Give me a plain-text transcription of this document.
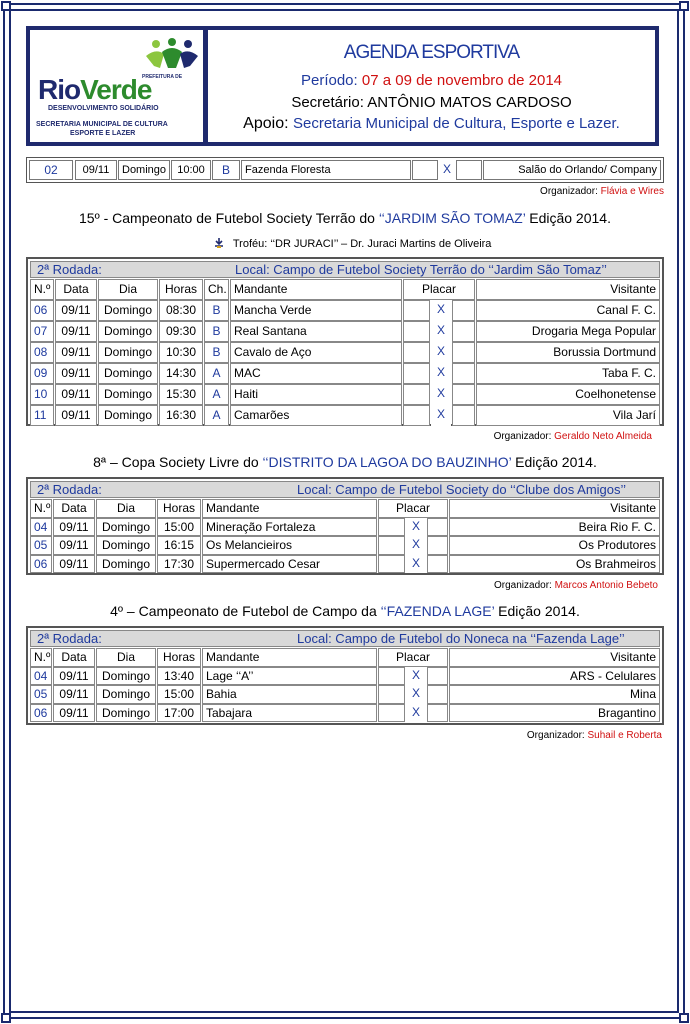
PREFEITURA DE
RioVerde
DESENVOLVIMENTO SOLIDÁRIO
SECRETARIA MUNICIPAL DE CULTURA
ESPORTE E LAZER
AGENDA ESPORTIVA
Período: 07 a 09 de novembro de 2014
Secretário: ANTÔNIO MATOS CARDOSO
Apoio: Secretaria Municipal de Cultura, Esporte e Lazer.
02	09/11	Domingo	10:00	B	Fazenda Floresta	X	Salão do Orlando/ Company
Organizador: Flávia e Wires
15º - Campeonato de Futebol Society Terrão do ‘‘JARDIM SÃO TOMAZ’ Edição 2014.
Troféu: ‘‘DR JURACI’’ – Dr. Juraci Martins de Oliveira
2ª Rodada:	Local: Campo de Futebol Society Terrão do ‘‘Jardim São Tomaz’’
N.º	Data	Dia	Horas Ch. Mandante	Placar	Visitante
06	09/11	Domingo	08:30	B	Mancha Verde	X	Canal F. C.
07	09/11	Domingo	09:30	B	Real Santana	X	Drogaria Mega Popular
08	09/11	Domingo	10:30	B	Cavalo de Aço	X	Borussia Dortmund
09	09/11	Domingo	14:30	A	MAC	X	Taba F. C.
10	09/11	Domingo	15:30	A	Haiti	X	Coelhonetense
11	09/11	Domingo	16:30	A	Camarões	X	Vila Jarí
Organizador: Geraldo Neto Almeida
8ª – Copa Society Livre do ‘‘DISTRITO DA LAGOA DO BAUZINHO’ Edição 2014.
2ª Rodada:	Local: Campo de Futebol Society do ‘‘Clube dos Amigos’’
N.º Data	Dia	Horas Mandante	Placar	Visitante
04	09/11	Domingo	15:00 Mineração Fortaleza	X	Beira Rio F. C.
05	09/11	Domingo	16:15 Os Melancieiros	X	Os Produtores
06	09/11	Domingo	17:30 Supermercado Cesar	X	Os Brahmeiros
Organizador: Marcos Antonio Bebeto
4º – Campeonato de Futebol de Campo da ‘‘FAZENDA LAGE’ Edição 2014.
2ª Rodada:	Local: Campo de Futebol do Noneca na ‘‘Fazenda Lage’’
N.º Data	Dia	Horas Mandante	Placar	Visitante
04	09/11	Domingo	13:40 Lage ‘‘A’’	X	ARS - Celulares
05	09/11	Domingo	15:00 Bahia	X	Mina
06	09/11	Domingo	17:00 Tabajara	X	Bragantino
Organizador: Suhail e Roberta
